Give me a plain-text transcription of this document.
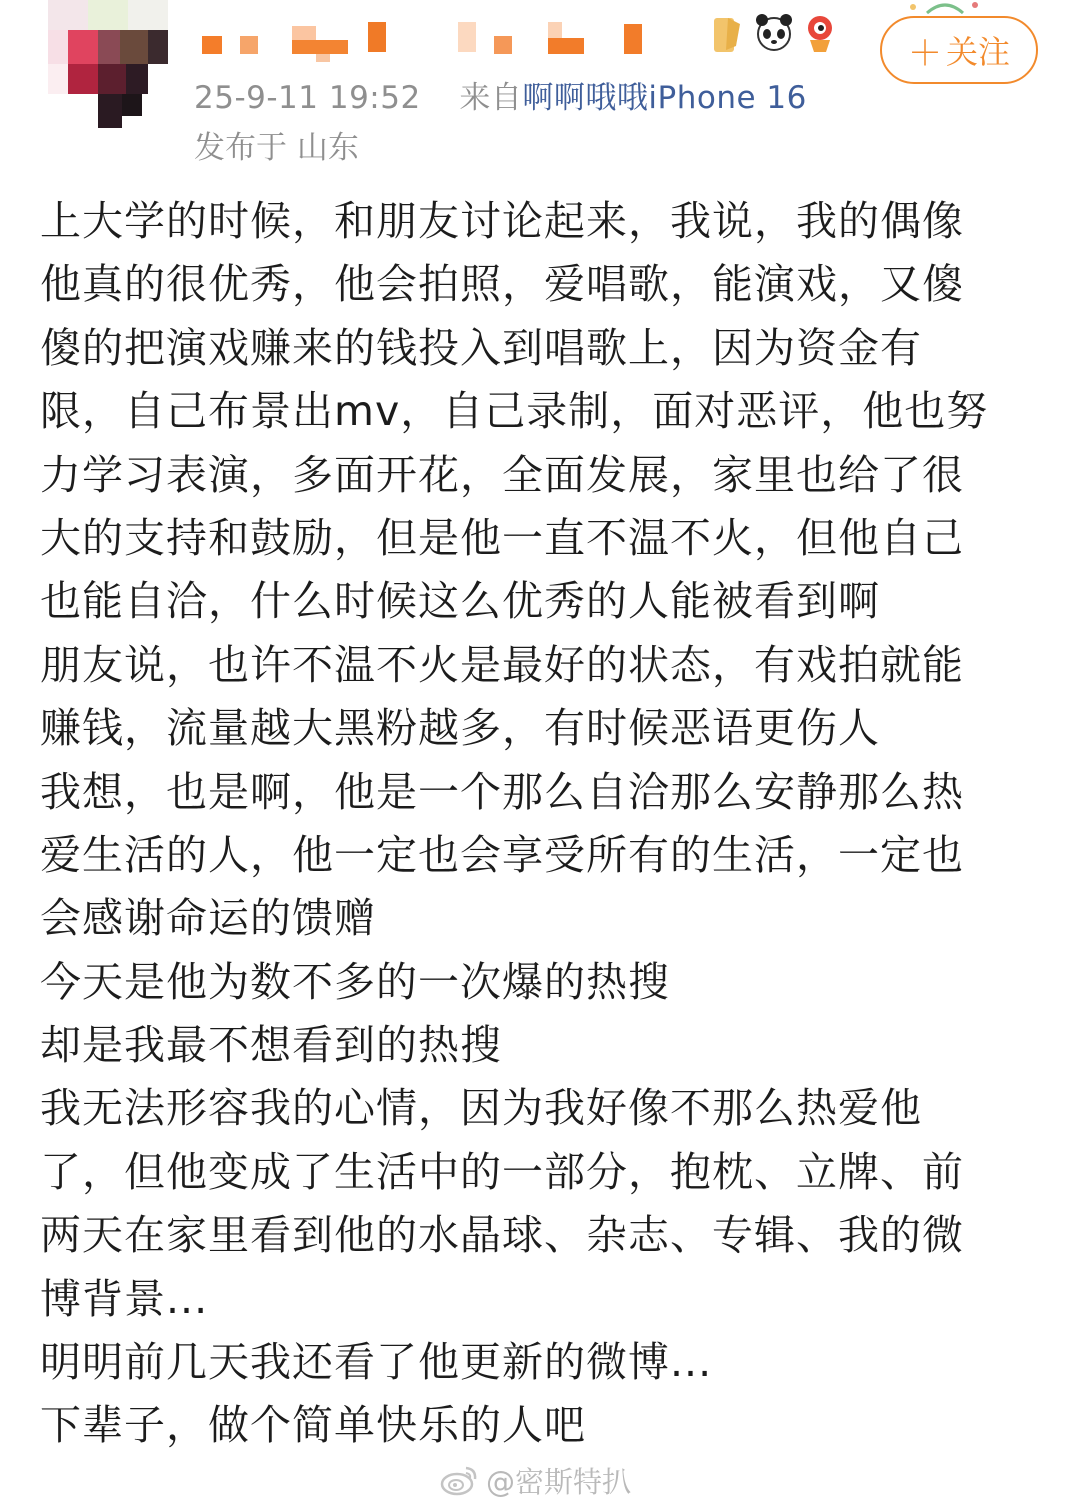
25-9-11 19:52 来自啊啊哦哦iPhone 16
发布于 山东
＋ 关注
上大学的时候，和朋友讨论起来，我说，我的偶像
他真的很优秀，他会拍照，爱唱歌，能演戏，又傻
傻的把演戏赚来的钱投入到唱歌上，因为资金有
限，自己布景出mv，自己录制，面对恶评，他也努
力学习表演，多面开花，全面发展，家里也给了很
大的支持和鼓励，但是他一直不温不火，但他自己
也能自洽，什么时候这么优秀的人能被看到啊
朋友说，也许不温不火是最好的状态，有戏拍就能
赚钱，流量越大黑粉越多，有时候恶语更伤人
我想，也是啊，他是一个那么自洽那么安静那么热
爱生活的人，他一定也会享受所有的生活，一定也
会感谢命运的馈赠
今天是他为数不多的一次爆的热搜
却是我最不想看到的热搜
我无法形容我的心情，因为我好像不那么热爱他
了，但他变成了生活中的一部分，抱枕、立牌、前
两天在家里看到他的水晶球、杂志、专辑、我的微
博背景...
明明前几天我还看了他更新的微博...
下辈子，做个简单快乐的人吧
@密斯特扒
